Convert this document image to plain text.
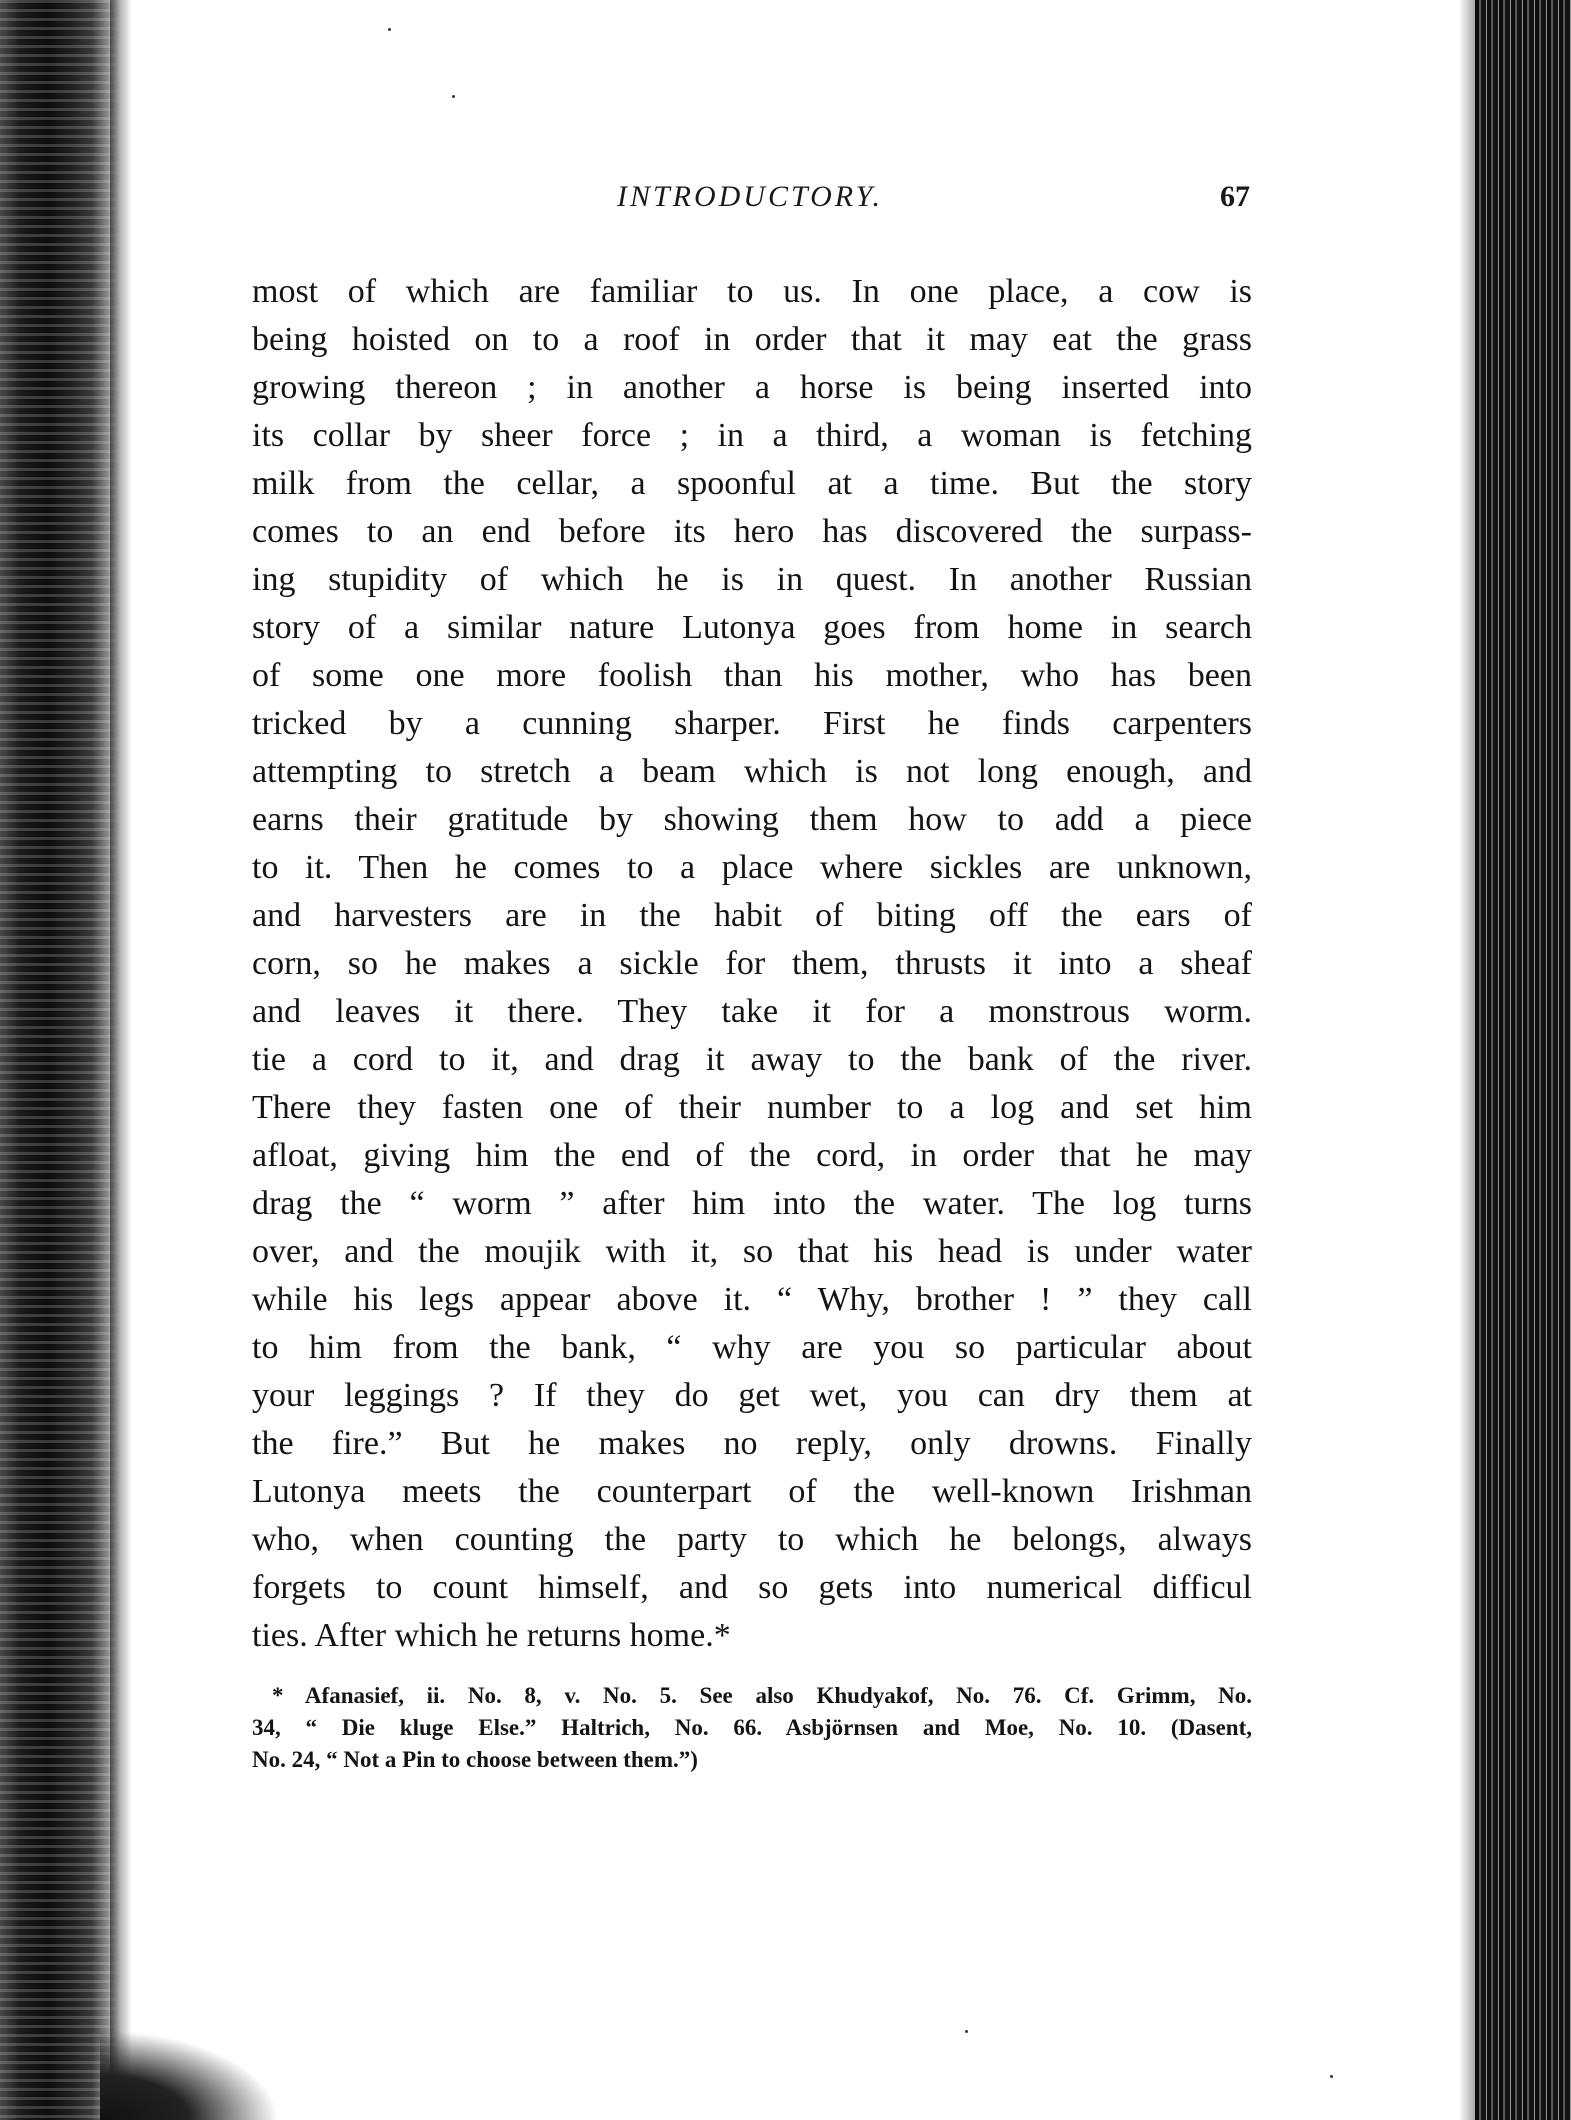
INTRODUCTORY.	67
most of which are familiar to us. In one place, a cow is
being hoisted on to a roof in order that it may eat the grass
growing thereon ; in another a horse is being inserted into
its collar by sheer force ; in a third, a woman is fetching
milk from the cellar, a spoonful at a time. But the story
comes to an end before its hero has discovered the surpass-
ing stupidity of which he is in quest. In another Russian
story of a similar nature Lutonya goes from home in search
of some one more foolish than his mother, who has been
tricked by a cunning sharper. First he finds carpenters
attempting to stretch a beam which is not long enough, and
earns their gratitude by showing them how to add a piece
to it. Then he comes to a place where sickles are unknown,
and harvesters are in the habit of biting off the ears of
corn, so he makes a sickle for them, thrusts it into a sheaf
and leaves it there. They take it for a monstrous worm.
tie a cord to it, and drag it away to the bank of the river.
There they fasten one of their number to a log and set him
afloat, giving him the end of the cord, in order that he may
drag the “ worm ” after him into the water. The log turns
over, and the moujik with it, so that his head is under water
while his legs appear above it. “ Why, brother ! ” they call
to him from the bank, “ why are you so particular about
your leggings ? If they do get wet, you can dry them at
the fire.” But he makes no reply, only drowns. Finally
Lutonya meets the counterpart of the well-known Irishman
who, when counting the party to which he belongs, always
forgets to count himself, and so gets into numerical difficul
ties. After which he returns home.*
* Afanasief, ii. No. 8, v. No. 5. See also Khudyakof, No. 76. Cf. Grimm, No.
34, “ Die kluge Else.” Haltrich, No. 66. Asbjörnsen and Moe, No. 10. (Dasent,
No. 24, “ Not a Pin to choose between them.”)
